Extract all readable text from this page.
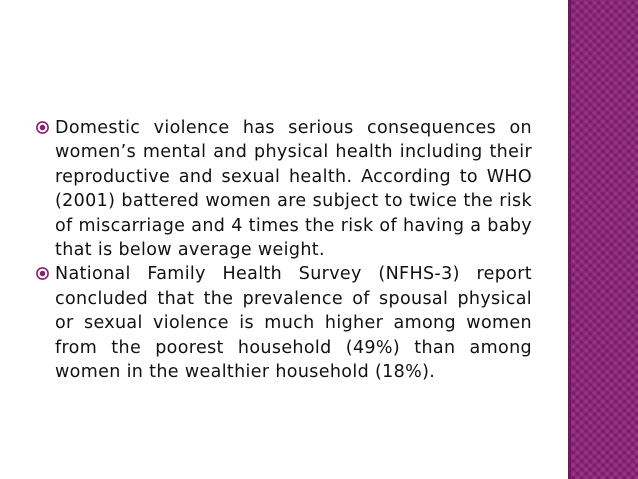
Domestic violence has serious consequences on women’s mental and physical health including their reproductive and sexual health. According to WHO (2001) battered women are subject to twice the risk of miscarriage and 4 times the risk of having a baby that is below average weight.

National Family Health Survey (NFHS-3) report concluded that the prevalence of spousal physical or sexual violence is much higher among women from the poorest household (49%) than among women in the wealthier household (18%).
